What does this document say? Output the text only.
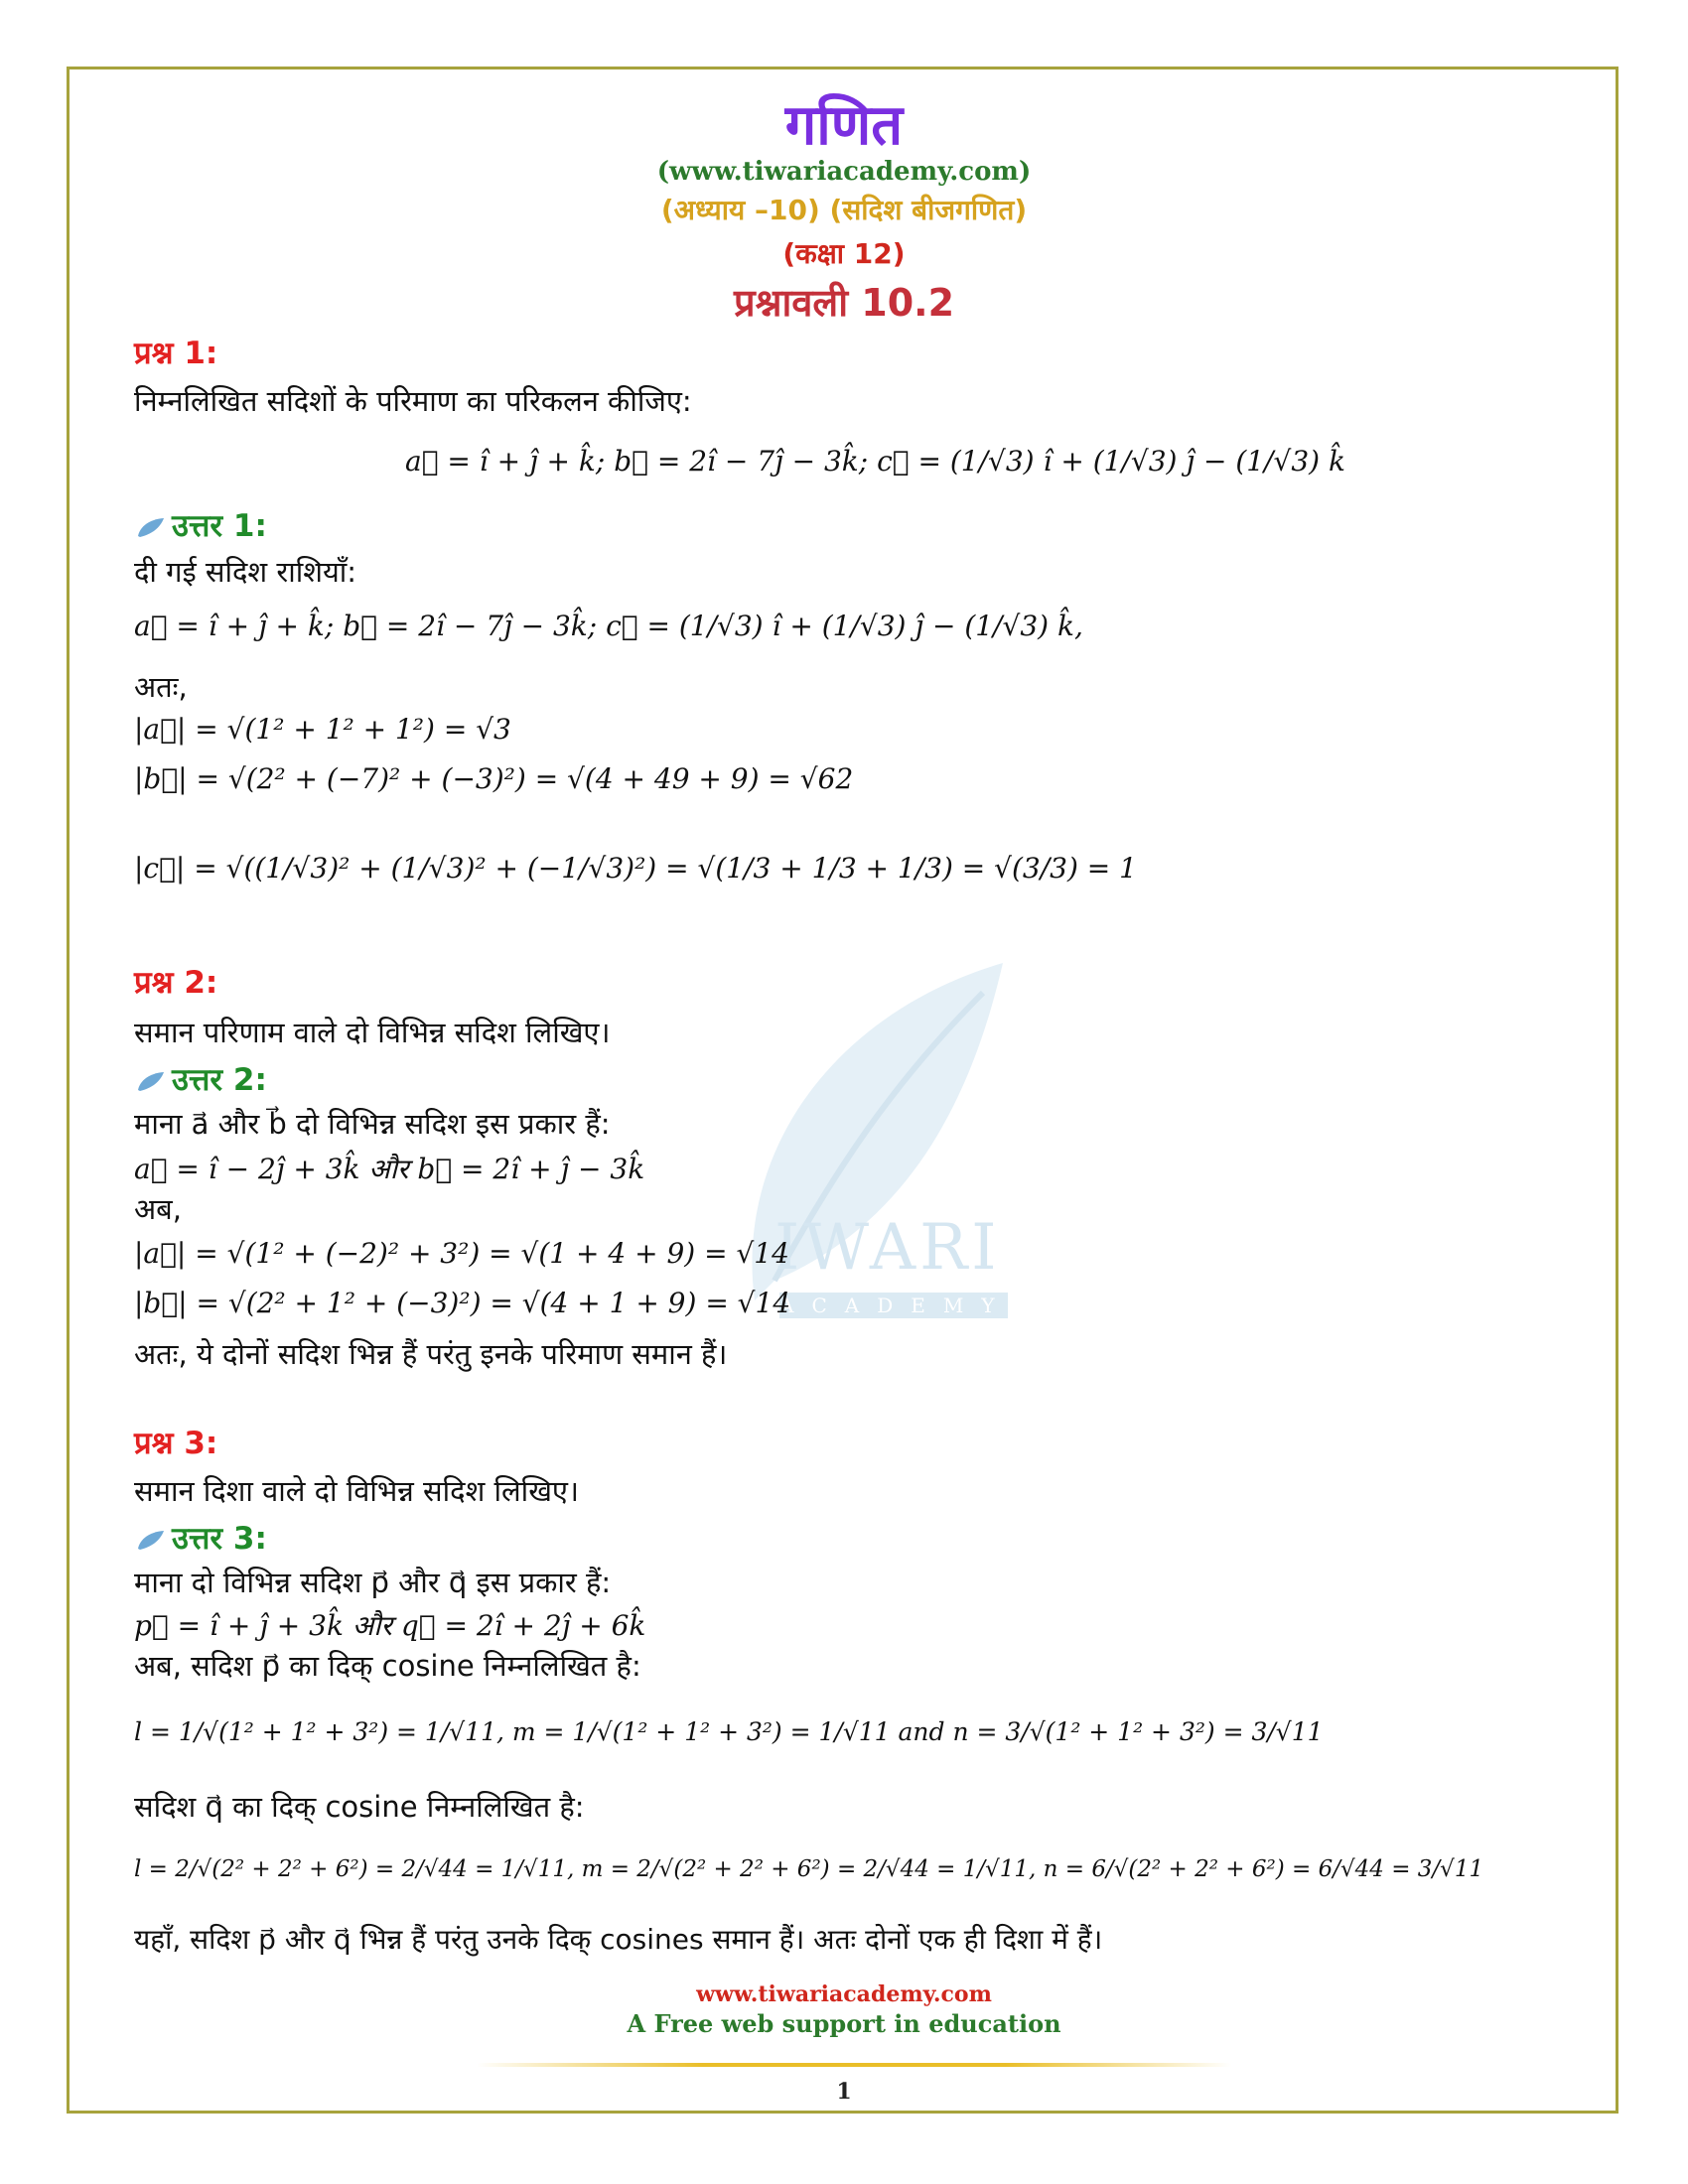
IWARI
ACADEMY
गणित
(www.tiwariacademy.com)
(अध्याय –10) (सदिश बीजगणित)
(कक्षा 12)
प्रश्नावली 10.2
प्रश्न 1:
निम्नलिखित सदिशों के परिमाण का परिकलन कीजिए:
a⃗ = î + ĵ + k̂; b⃗ = 2î − 7ĵ − 3k̂; c⃗ = (1/√3) î + (1/√3) ĵ − (1/√3) k̂
उत्तर 1:
दी गई सदिश राशियाँ:
a⃗ = î + ĵ + k̂; b⃗ = 2î − 7ĵ − 3k̂; c⃗ = (1/√3) î + (1/√3) ĵ − (1/√3) k̂,
अतः,
|a⃗| = √(1² + 1² + 1²) = √3
|b⃗| = √(2² + (−7)² + (−3)²) = √(4 + 49 + 9) = √62
|c⃗| = √((1/√3)² + (1/√3)² + (−1/√3)²) = √(1/3 + 1/3 + 1/3) = √(3/3) = 1
प्रश्न 2:
समान परिणाम वाले दो विभिन्न सदिश लिखिए।
उत्तर 2:
माना a⃗ और b⃗ दो विभिन्न सदिश इस प्रकार हैं:
a⃗ = î − 2ĵ + 3k̂ और b⃗ = 2î + ĵ − 3k̂
अब,
|a⃗| = √(1² + (−2)² + 3²) = √(1 + 4 + 9) = √14
|b⃗| = √(2² + 1² + (−3)²) = √(4 + 1 + 9) = √14
अतः, ये दोनों सदिश भिन्न हैं परंतु इनके परिमाण समान हैं।
प्रश्न 3:
समान दिशा वाले दो विभिन्न सदिश लिखिए।
उत्तर 3:
माना दो विभिन्न सदिश p⃗ और q⃗ इस प्रकार हैं:
p⃗ = î + ĵ + 3k̂ और q⃗ = 2î + 2ĵ + 6k̂
अब, सदिश p⃗ का दिक् cosine निम्नलिखित है:
l = 1/√(1² + 1² + 3²) = 1/√11, m = 1/√(1² + 1² + 3²) = 1/√11 and n = 3/√(1² + 1² + 3²) = 3/√11
सदिश q⃗ का दिक् cosine निम्नलिखित है:
l = 2/√(2² + 2² + 6²) = 2/√44 = 1/√11, m = 2/√(2² + 2² + 6²) = 2/√44 = 1/√11, n = 6/√(2² + 2² + 6²) = 6/√44 = 3/√11
यहाँ, सदिश p⃗ और q⃗ भिन्न हैं परंतु उनके दिक् cosines समान हैं। अतः दोनों एक ही दिशा में हैं।
www.tiwariacademy.com
A Free web support in education
1
